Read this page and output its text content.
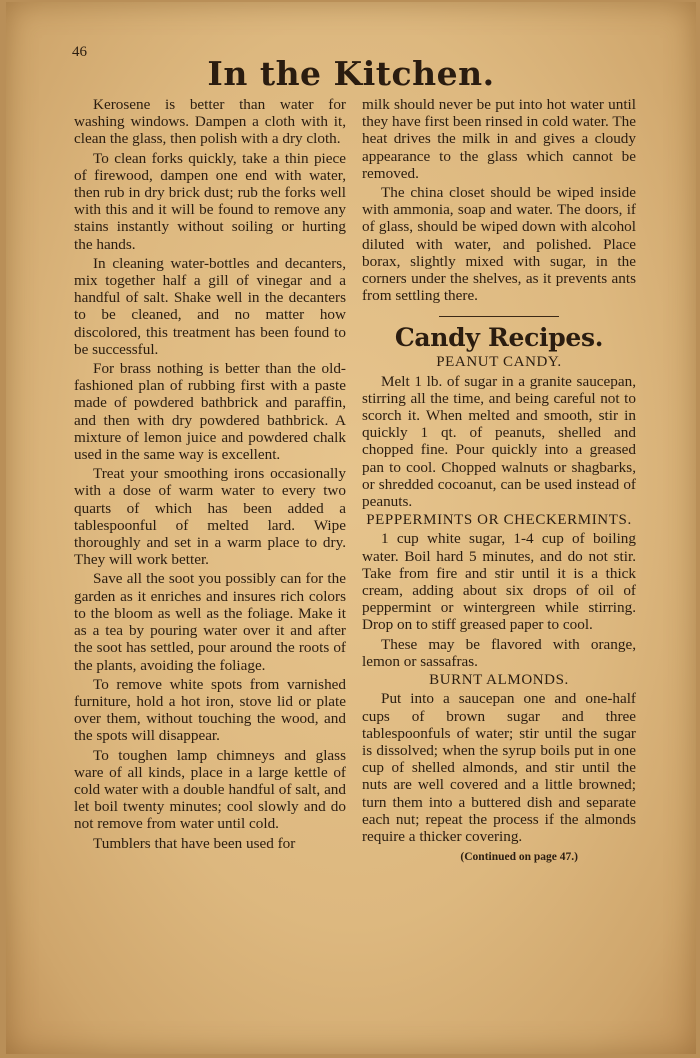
46
In the Kitchen.

Kerosene is better than water for washing windows. Dampen a cloth with it, clean the glass, then polish with a dry cloth.

To clean forks quickly, take a thin piece of firewood, dampen one end with water, then rub in dry brick dust; rub the forks well with this and it will be found to remove any stains instantly without soiling or hurting the hands.

In cleaning water-bottles and decanters, mix together half a gill of vinegar and a handful of salt. Shake well in the decanters to be cleaned, and no matter how discolored, this treatment has been found to be successful.

For brass nothing is better than the old-fashioned plan of rubbing first with a paste made of powdered bathbrick and paraffin, and then with dry powdered bathbrick. A mixture of lemon juice and powdered chalk used in the same way is excellent.

Treat your smoothing irons occasionally with a dose of warm water to every two quarts of which has been added a tablespoonful of melted lard. Wipe thoroughly and set in a warm place to dry. They will work better.

Save all the soot you possibly can for the garden as it enriches and insures rich colors to the bloom as well as the foliage. Make it as a tea by pouring water over it and after the soot has settled, pour around the roots of the plants, avoiding the foliage.

To remove white spots from varnished furniture, hold a hot iron, stove lid or plate over them, without touching the wood, and the spots will disappear.

To toughen lamp chimneys and glass ware of all kinds, place in a large kettle of cold water with a double handful of salt, and let boil twenty minutes; cool slowly and do not remove from water until cold.

Tumblers that have been used for

milk should never be put into hot water until they have first been rinsed in cold water. The heat drives the milk in and gives a cloudy appearance to the glass which cannot be removed.

The china closet should be wiped inside with ammonia, soap and water. The doors, if of glass, should be wiped down with alcohol diluted with water, and polished. Place borax, slightly mixed with sugar, in the corners under the shelves, as it prevents ants from settling there.

Candy Recipes.
PEANUT CANDY.

Melt 1 lb. of sugar in a granite saucepan, stirring all the time, and being careful not to scorch it. When melted and smooth, stir in quickly 1 qt. of peanuts, shelled and chopped fine. Pour quickly into a greased pan to cool. Chopped walnuts or shagbarks, or shredded cocoanut, can be used instead of peanuts.

PEPPERMINTS OR CHECKERMINTS.

1 cup white sugar, 1-4 cup of boiling water. Boil hard 5 minutes, and do not stir. Take from fire and stir until it is a thick cream, adding about six drops of oil of peppermint or wintergreen while stirring. Drop on to stiff greased paper to cool.

These may be flavored with orange, lemon or sassafras.

BURNT ALMONDS.

Put into a saucepan one and one-half cups of brown sugar and three tablespoonfuls of water; stir until the sugar is dissolved; when the syrup boils put in one cup of shelled almonds, and stir until the nuts are well covered and a little browned; turn them into a buttered dish and separate each nut; repeat the process if the almonds require a thicker covering.

(Continued on page 47.)
